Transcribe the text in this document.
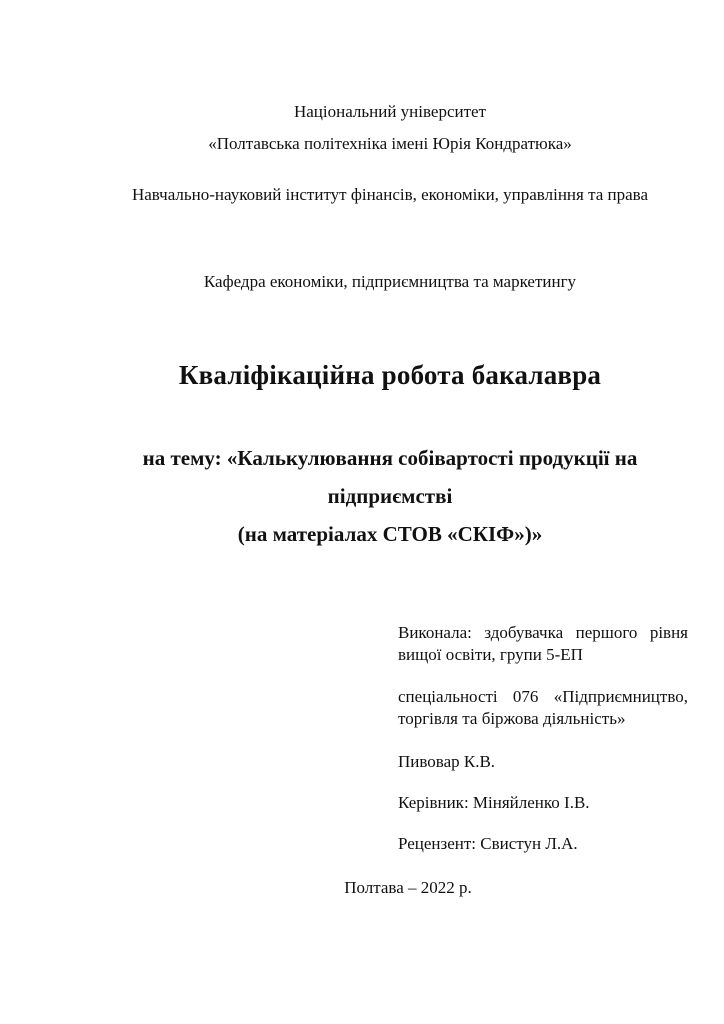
Національний університет
«Полтавська політехніка імені Юрія Кондратюка»
Навчально-науковий інститут фінансів, економіки, управління та права
Кафедра економіки, підприємництва та маркетингу
Кваліфікаційна робота бакалавра
на тему: «Калькулювання собівартості продукції на
підприємстві
(на матеріалах СТОВ «СКІФ»)»

Виконала: здобувачка першого рівня вищої освіти, групи 5-ЕП

спеціальності 076 «Підприємництво, торгівля та біржова діяльність»

Пивовар К.В.

Керівник: Міняйленко І.В.

Рецензент: Свистун Л.А.

Полтава – 2022 р.
